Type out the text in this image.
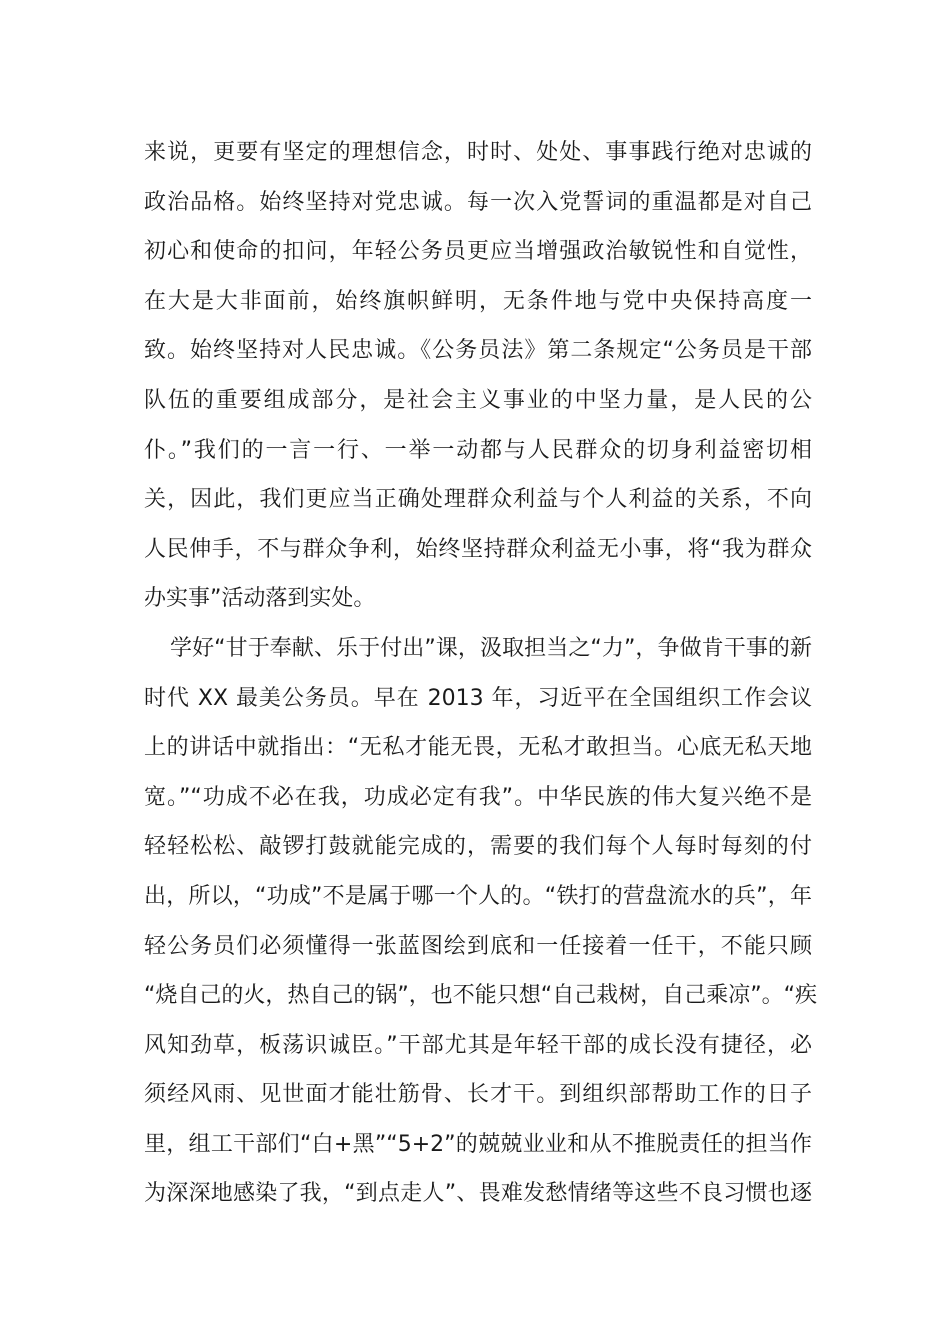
来说，更要有坚定的理想信念，时时、处处、事事践行绝对忠诚的
政治品格。始终坚持对党忠诚。每一次入党誓词的重温都是对自己
初心和使命的扣问，年轻公务员更应当增强政治敏锐性和自觉性，
在大是大非面前，始终旗帜鲜明，无条件地与党中央保持高度一
致。始终坚持对人民忠诚。《公务员法》第二条规定“公务员是干部
队伍的重要组成部分，是社会主义事业的中坚力量，是人民的公
仆。”我们的一言一行、一举一动都与人民群众的切身利益密切相
关，因此，我们更应当正确处理群众利益与个人利益的关系，不向
人民伸手，不与群众争利，始终坚持群众利益无小事，将“我为群众
办实事”活动落到实处。
学好“甘于奉献、乐于付出”课，汲取担当之“力”，争做肯干事的新
时代 XX 最美公务员。早在 2013 年，习近平在全国组织工作会议
上的讲话中就指出：“无私才能无畏，无私才敢担当。心底无私天地
宽。”“功成不必在我，功成必定有我”。中华民族的伟大复兴绝不是
轻轻松松、敲锣打鼓就能完成的，需要的我们每个人每时每刻的付
出，所以，“功成”不是属于哪一个人的。“铁打的营盘流水的兵”，年
轻公务员们必须懂得一张蓝图绘到底和一任接着一任干，不能只顾
“烧自己的火，热自己的锅”，也不能只想“自己栽树，自己乘凉”。“疾
风知劲草，板荡识诚臣。”干部尤其是年轻干部的成长没有捷径，必
须经风雨、见世面才能壮筋骨、长才干。到组织部帮助工作的日子
里，组工干部们“白+黑”“5+2”的兢兢业业和从不推脱责任的担当作
为深深地感染了我，“到点走人”、畏难发愁情绪等这些不良习惯也逐
